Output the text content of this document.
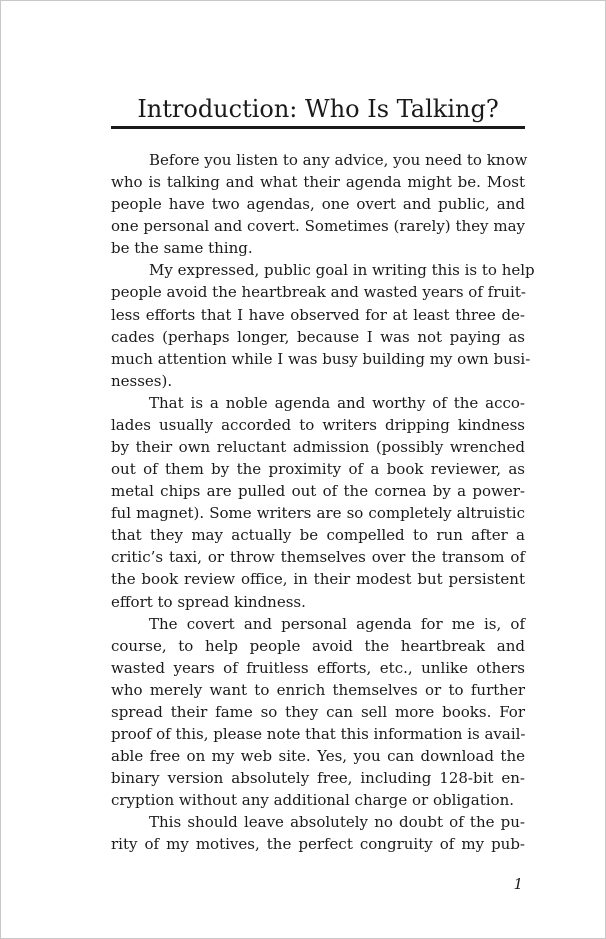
Introduction: Who Is Talking?
Before you listen to any advice, you need to know
who is talking and what their agenda might be. Most
people have two agendas, one overt and public, and
one personal and covert. Sometimes (rarely) they may
be the same thing.
My expressed, public goal in writing this is to help
people avoid the heartbreak and wasted years of fruit-
less efforts that I have observed for at least three de-
cades (perhaps longer, because I was not paying as
much attention while I was busy building my own busi-
nesses).
That is a noble agenda and worthy of the acco-
lades usually accorded to writers dripping kindness
by their own reluctant admission (possibly wrenched
out of them by the proximity of a book reviewer, as
metal chips are pulled out of the cornea by a power-
ful magnet). Some writers are so completely altruistic
that they may actually be compelled to run after a
critic’s taxi, or throw themselves over the transom of
the book review office, in their modest but persistent
effort to spread kindness.
The covert and personal agenda for me is, of
course, to help people avoid the heartbreak and
wasted years of fruitless efforts, etc., unlike others
who merely want to enrich themselves or to further
spread their fame so they can sell more books. For
proof of this, please note that this information is avail-
able free on my web site. Yes, you can download the
binary version absolutely free, including 128-bit en-
cryption without any additional charge or obligation.
This should leave absolutely no doubt of the pu-
rity of my motives, the perfect congruity of my pub-
1
